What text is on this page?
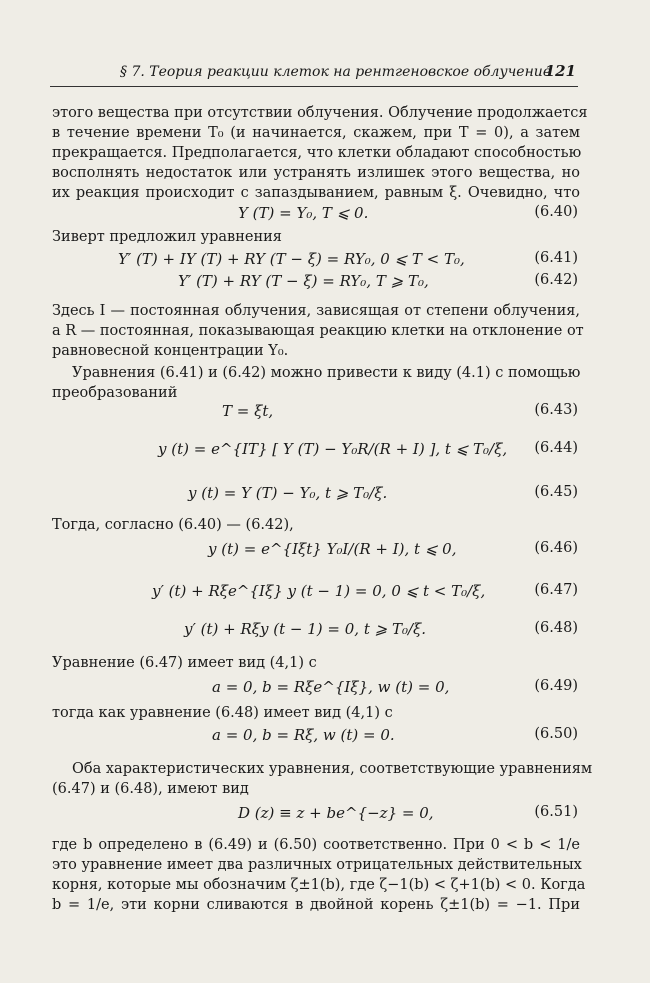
§ 7. Теория реакции клеток на рентгеновское облучение
121
этого вещества при отсутствии облучения. Облучение продолжается
в течение времени T₀ (и начинается, скажем, при T = 0), а затем
прекращается. Предполагается, что клетки обладают способностью
восполнять недостаток или устранять излишек этого вещества, но
их реакция происходит с запаздыванием, равным ξ. Очевидно, что
Y (T) = Y₀, T ⩽ 0.	(6.40)
Зиверт предложил уравнения
Y′ (T) + IY (T) + RY (T − ξ) = RY₀, 0 ⩽ T < T₀,	(6.41)
Y′ (T) + RY (T − ξ) = RY₀, T ⩾ T₀,	(6.42)
Здесь I — постоянная облучения, зависящая от степени облучения,
а R — постоянная, показывающая реакцию клетки на отклонение от
равновесной концентрации Y₀.
Уравнения (6.41) и (6.42) можно привести к виду (4.1) с помощью
преобразований
T = ξt,	(6.43)
y (t) = e^{IT} [ Y (T) − Y₀R/(R + I) ], t ⩽ T₀/ξ, (6.44)
y (t) = Y (T) − Y₀, t ⩾ T₀/ξ.	(6.45)
Тогда, согласно (6.40) — (6.42),
y (t) = e^{Iξt} Y₀I/(R + I), t ⩽ 0,	(6.46)
y′ (t) + Rξe^{Iξ} y (t − 1) = 0, 0 ⩽ t < T₀/ξ,	(6.47)
y′ (t) + Rξy (t − 1) = 0, t ⩾ T₀/ξ.	(6.48)
Уравнение (6.47) имеет вид (4,1) с
a = 0, b = Rξe^{Iξ}, w (t) = 0,	(6.49)
тогда как уравнение (6.48) имеет вид (4,1) с
a = 0, b = Rξ, w (t) = 0.	(6.50)
Оба характеристических уравнения, соответствующие уравнениям
(6.47) и (6.48), имеют вид
D (z) ≡ z + be^{−z} = 0,	(6.51)
где b определено в (6.49) и (6.50) соответственно. При 0 < b < 1/e
это уравнение имеет два различных отрицательных действительных
корня, которые мы обозначим ζ±1(b), где ζ−1(b) < ζ+1(b) < 0. Когда
b = 1/e, эти корни сливаются в двойной корень ζ±1(b) = −1. При
